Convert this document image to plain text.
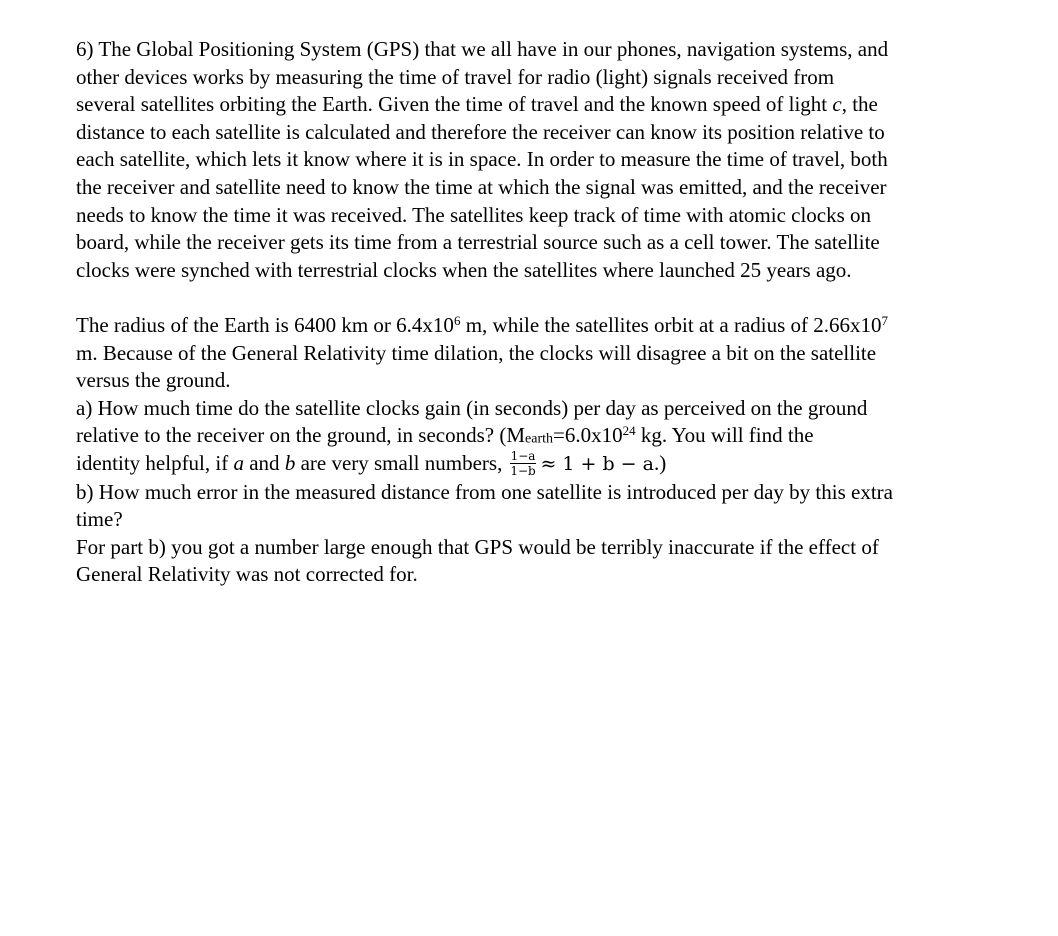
6) The Global Positioning System (GPS) that we all have in our phones, navigation systems, and
other devices works by measuring the time of travel for radio (light) signals received from
several satellites orbiting the Earth. Given the time of travel and the known speed of light c, the
distance to each satellite is calculated and therefore the receiver can know its position relative to
each satellite, which lets it know where it is in space. In order to measure the time of travel, both
the receiver and satellite need to know the time at which the signal was emitted, and the receiver
needs to know the time it was received. The satellites keep track of time with atomic clocks on
board, while the receiver gets its time from a terrestrial source such as a cell tower. The satellite
clocks were synched with terrestrial clocks when the satellites where launched 25 years ago.
The radius of the Earth is 6400 km or $6.4x10^6$ m, while the satellites orbit at a radius of $2.66x10^7$
m. Because of the General Relativity time dilation, the clocks will disagree a bit on the satellite
versus the ground.
a) How much time do the satellite clocks gain (in seconds) per day as perceived on the ground
relative to the receiver on the ground, in seconds? ($M_{earth}=6.0x10^{24}$ kg. You will find the
identity helpful, if a and b are very small numbers, $\frac{1-a}{1-b} \approx 1 + b - a$.)
b) How much error in the measured distance from one satellite is introduced per day by this extra
time?
For part b) you got a number large enough that GPS would be terribly inaccurate if the effect of
General Relativity was not corrected for.
